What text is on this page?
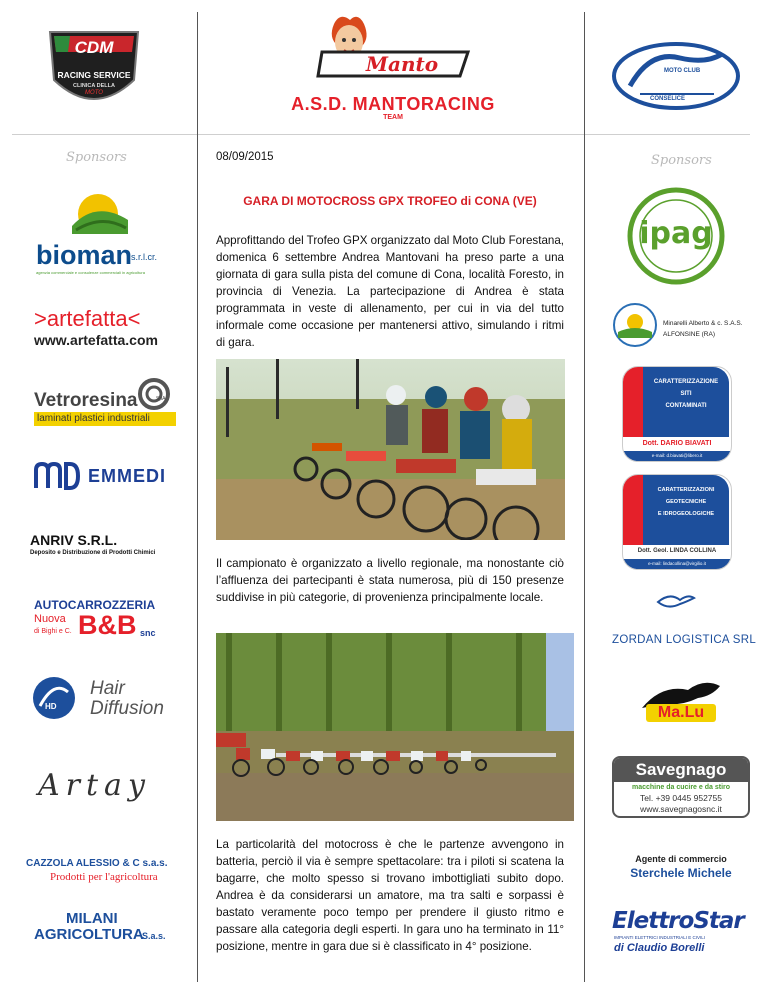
CDM
RACING SERVICE
CLINICA DELLA
MOTO
Manto
A.S.D. MANTORACING
TEAM
MOTO CLUB
CONSELICE
Sponsors	Sponsors
08/09/2015
GARA DI MOTOCROSS GPX TROFEO di CONA (VE)
Approfittando del Trofeo GPX organizzato dal Moto Club Forestana, domenica 6 settembre Andrea Mantovani ha preso parte a una giornata di gara sulla pista del comune di Cona, località Foresto, in provincia di Venezia. La partecipazione di Andrea è stata programmata in veste di allenamento, per cui in via del tutto informale come occasione per mantenersi attivo, simulando i ritmi di gara.
Il campionato è organizzato a livello regionale, ma nonostante ciò l’affluenza dei partecipanti è stata numerosa, più di 150 presenze suddivise in più categorie, di provenienza principalmente locale.
La particolarità del motocross è che le partenze avvengono in batteria, perciò il via è sempre spettacolare: tra i piloti si scatena la bagarre, che molto spesso si trovano imbottigliati subito dopo. Andrea è da considerarsi un amatore, ma tra salti e sorpassi è bastato veramente poco tempo per prendere il giusto ritmo e passare alla categoria degli esperti. In gara uno ha terminato in 11° posizione, mentre in gara due si è classificato in 4° posizione.
bioman
s.r.l.cr.
agenzia commerciale e consulenze commerciali in agricoltura
>artefatta<
www.artefatta.com
Vetroresina	SpA
laminati plastici industriali
EMMEDI
ANRIV S.R.L.
Deposito e Distribuzione di Prodotti Chimici
AUTOCARROZZERIA
Nuova
di Bighi e C. B&B snc
HD
Hair
Diffusion
Artay
CAZZOLA ALESSIO & C s.a.s.
Prodotti per l'agricoltura
MILANI
AGRICOLTURA
S.a.s.
ipag
Minarelli Alberto & c. S.A.S.
ALFONSINE (RA)
CARATTERIZZAZIONE
SITI
CONTAMINATI
Dott. DARIO BIAVATI
e-mail: d.biavati@libero.it
CARATTERIZZAZIONI
GEOTECNICHE
E IDROGEOLOGICHE
Dott. Geol. LINDA COLLINA
e-mail: lindacollina@virgilio.it
ZORDAN LOGISTICA SRL
Ma.Lu
Savegnago
macchine da cucire e da stiro
Tel. +39 0445 952755
www.savegnagosnc.it
Agente di commercio
Sterchele Michele
ElettroStar
IMPIANTI ELETTRICI INDUSTRIALI E CIVILI
di Claudio Borelli
